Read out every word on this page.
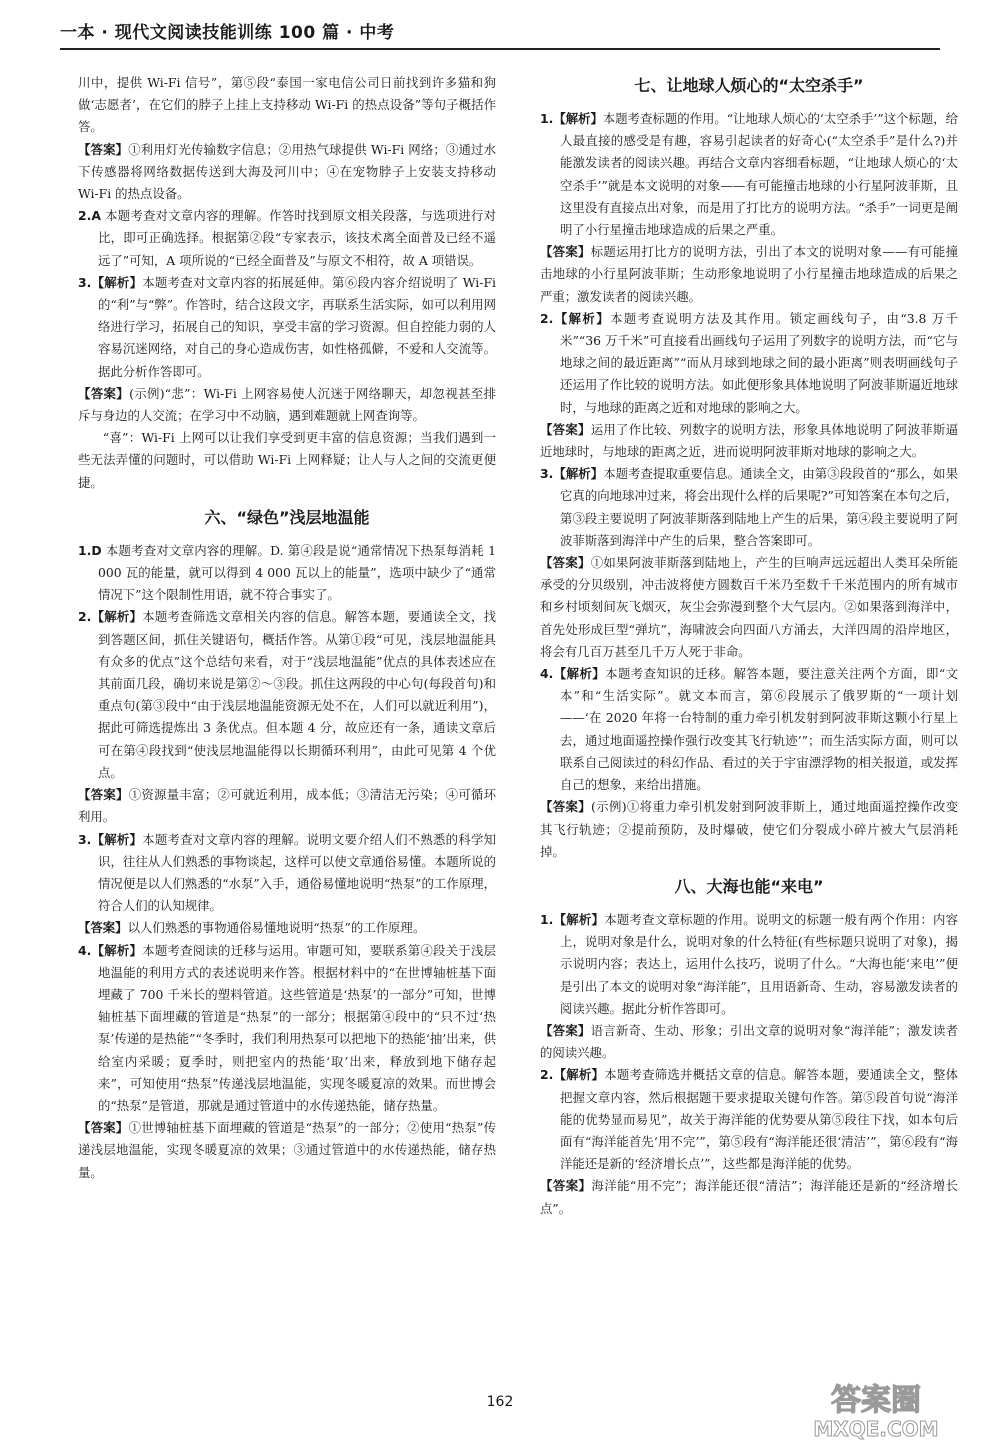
一本 · 现代文阅读技能训练 100 篇 · 中考

川中，提供 Wi-Fi 信号”，第⑤段“泰国一家电信公司日前找到许多猫和狗做‘志愿者’，在它们的脖子上挂上支持移动 Wi-Fi 的热点设备”等句子概括作答。

【答案】①利用灯光传输数字信息；②用热气球提供 Wi-Fi 网络；③通过水下传感器将网络数据传送到大海及河川中；④在宠物脖子上安装支持移动 Wi-Fi 的热点设备。

2.A 本题考查对文章内容的理解。作答时找到原文相关段落，与选项进行对比，即可正确选择。根据第②段“专家表示，该技术离全面普及已经不遥远了”可知，A 项所说的“已经全面普及”与原文不相符，故 A 项错误。

3.【解析】本题考查对文章内容的拓展延伸。第⑥段内容介绍说明了 Wi-Fi 的“利”与“弊”。作答时，结合这段文字，再联系生活实际，如可以利用网络进行学习，拓展自己的知识，享受丰富的学习资源。但自控能力弱的人容易沉迷网络，对自己的身心造成伤害，如性格孤僻，不爱和人交流等。据此分析作答即可。

【答案】(示例)“悲”：Wi-Fi 上网容易使人沉迷于网络聊天，却忽视甚至排斥与身边的人交流；在学习中不动脑，遇到难题就上网查询等。

“喜”：Wi-Fi 上网可以让我们享受到更丰富的信息资源；当我们遇到一些无法弄懂的问题时，可以借助 Wi-Fi 上网释疑；让人与人之间的交流更便捷。

六、“绿色”浅层地温能

1.D 本题考查对文章内容的理解。D. 第④段是说“通常情况下热泵每消耗 1 000 瓦的能量，就可以得到 4 000 瓦以上的能量”，选项中缺少了“通常情况下”这个限制性用语，就不符合事实了。

2.【解析】本题考查筛选文章相关内容的信息。解答本题，要通读全文，找到答题区间，抓住关键语句，概括作答。从第①段“可见，浅层地温能具有众多的优点”这个总结句来看，对于“浅层地温能”优点的具体表述应在其前面几段，确切来说是第②～③段。抓住这两段的中心句(每段首句)和重点句(第③段中“由于浅层地温能资源无处不在，人们可以就近利用”)，据此可筛选提炼出 3 条优点。但本题 4 分，故应还有一条，通读文章后可在第④段找到“使浅层地温能得以长期循环利用”，由此可见第 4 个优点。

【答案】①资源量丰富；②可就近利用，成本低；③清洁无污染；④可循环利用。

3.【解析】本题考查对文章内容的理解。说明文要介绍人们不熟悉的科学知识，往往从人们熟悉的事物谈起，这样可以使文章通俗易懂。本题所说的情况便是以人们熟悉的“水泵”入手，通俗易懂地说明“热泵”的工作原理，符合人们的认知规律。

【答案】以人们熟悉的事物通俗易懂地说明“热泵”的工作原理。

4.【解析】本题考查阅读的迁移与运用。审题可知，要联系第④段关于浅层地温能的利用方式的表述说明来作答。根据材料中的“在世博轴桩基下面埋藏了 700 千米长的塑料管道。这些管道是‘热泵’的一部分”可知，世博轴桩基下面埋藏的管道是“热泵”的一部分；根据第④段中的“只不过‘热泵’传递的是热能”“冬季时，我们利用热泵可以把地下的热能‘抽’出来，供给室内采暖；夏季时，则把室内的热能‘取’出来，释放到地下储存起来”，可知使用“热泵”传递浅层地温能，实现冬暖夏凉的效果。而世博会的“热泵”是管道，那就是通过管道中的水传递热能，储存热量。

【答案】①世博轴桩基下面埋藏的管道是“热泵”的一部分；②使用“热泵”传递浅层地温能，实现冬暖夏凉的效果；③通过管道中的水传递热能，储存热量。

七、让地球人烦心的“太空杀手”

1.【解析】本题考查标题的作用。“让地球人烦心的‘太空杀手’”这个标题，给人最直接的感受是有趣，容易引起读者的好奇心(“太空杀手”是什么?)并能激发读者的阅读兴趣。再结合文章内容细看标题，“让地球人烦心的‘太空杀手’”就是本文说明的对象——有可能撞击地球的小行星阿波菲斯，且这里没有直接点出对象，而是用了打比方的说明方法。“杀手”一词更是阐明了小行星撞击地球造成的后果之严重。

【答案】标题运用打比方的说明方法，引出了本文的说明对象——有可能撞击地球的小行星阿波菲斯；生动形象地说明了小行星撞击地球造成的后果之严重；激发读者的阅读兴趣。

2.【解析】本题考查说明方法及其作用。锁定画线句子，由“3.8 万千米”“36 万千米”可直接看出画线句子运用了列数字的说明方法，而“它与地球之间的最近距离”“而从月球到地球之间的最小距离”则表明画线句子还运用了作比较的说明方法。如此便形象具体地说明了阿波菲斯逼近地球时，与地球的距离之近和对地球的影响之大。

【答案】运用了作比较、列数字的说明方法，形象具体地说明了阿波菲斯逼近地球时，与地球的距离之近，进而说明阿波菲斯对地球的影响之大。

3.【解析】本题考查提取重要信息。通读全文，由第③段段首的“那么，如果它真的向地球冲过来，将会出现什么样的后果呢?”可知答案在本句之后，第③段主要说明了阿波菲斯落到陆地上产生的后果，第④段主要说明了阿波菲斯落到海洋中产生的后果，整合答案即可。

【答案】①如果阿波菲斯落到陆地上，产生的巨响声远远超出人类耳朵所能承受的分贝级别，冲击波将使方圆数百千米乃至数千千米范围内的所有城市和乡村顷刻间灰飞烟灭，灰尘会弥漫到整个大气层内。②如果落到海洋中，首先处形成巨型“弹坑”，海啸波会向四面八方涌去，大洋四周的沿岸地区，将会有几百万甚至几千万人死于非命。

4.【解析】本题考查知识的迁移。解答本题，要注意关注两个方面，即“文本”和“生活实际”。就文本而言，第⑥段展示了俄罗斯的“一项计划——‘在 2020 年将一台特制的重力牵引机发射到阿波菲斯这颗小行星上去，通过地面遥控操作强行改变其飞行轨迹’”；而生活实际方面，则可以联系自己阅读过的科幻作品、看过的关于宇宙漂浮物的相关报道，或发挥自己的想象，来给出措施。

【答案】(示例)①将重力牵引机发射到阿波菲斯上，通过地面遥控操作改变其飞行轨迹；②提前预防，及时爆破，使它们分裂成小碎片被大气层消耗掉。

八、大海也能“来电”

1.【解析】本题考查文章标题的作用。说明文的标题一般有两个作用：内容上，说明对象是什么，说明对象的什么特征(有些标题只说明了对象)，揭示说明内容；表达上，运用什么技巧，说明了什么。“大海也能‘来电’”便是引出了本文的说明对象“海洋能”，且用语新奇、生动，容易激发读者的阅读兴趣。据此分析作答即可。

【答案】语言新奇、生动、形象；引出文章的说明对象“海洋能”；激发读者的阅读兴趣。

2.【解析】本题考查筛选并概括文章的信息。解答本题，要通读全文，整体把握文章内容，然后根据题干要求提取关键句作答。第⑤段首句说“海洋能的优势显而易见”，故关于海洋能的优势要从第⑤段往下找，如本句后面有“海洋能首先‘用不完’”，第⑤段有“海洋能还很‘清洁’”，第⑥段有“海洋能还是新的‘经济增长点’”，这些都是海洋能的优势。

【答案】海洋能“用不完”；海洋能还很“清洁”；海洋能还是新的“经济增长点”。

162	答案圈
MXQE.COM
